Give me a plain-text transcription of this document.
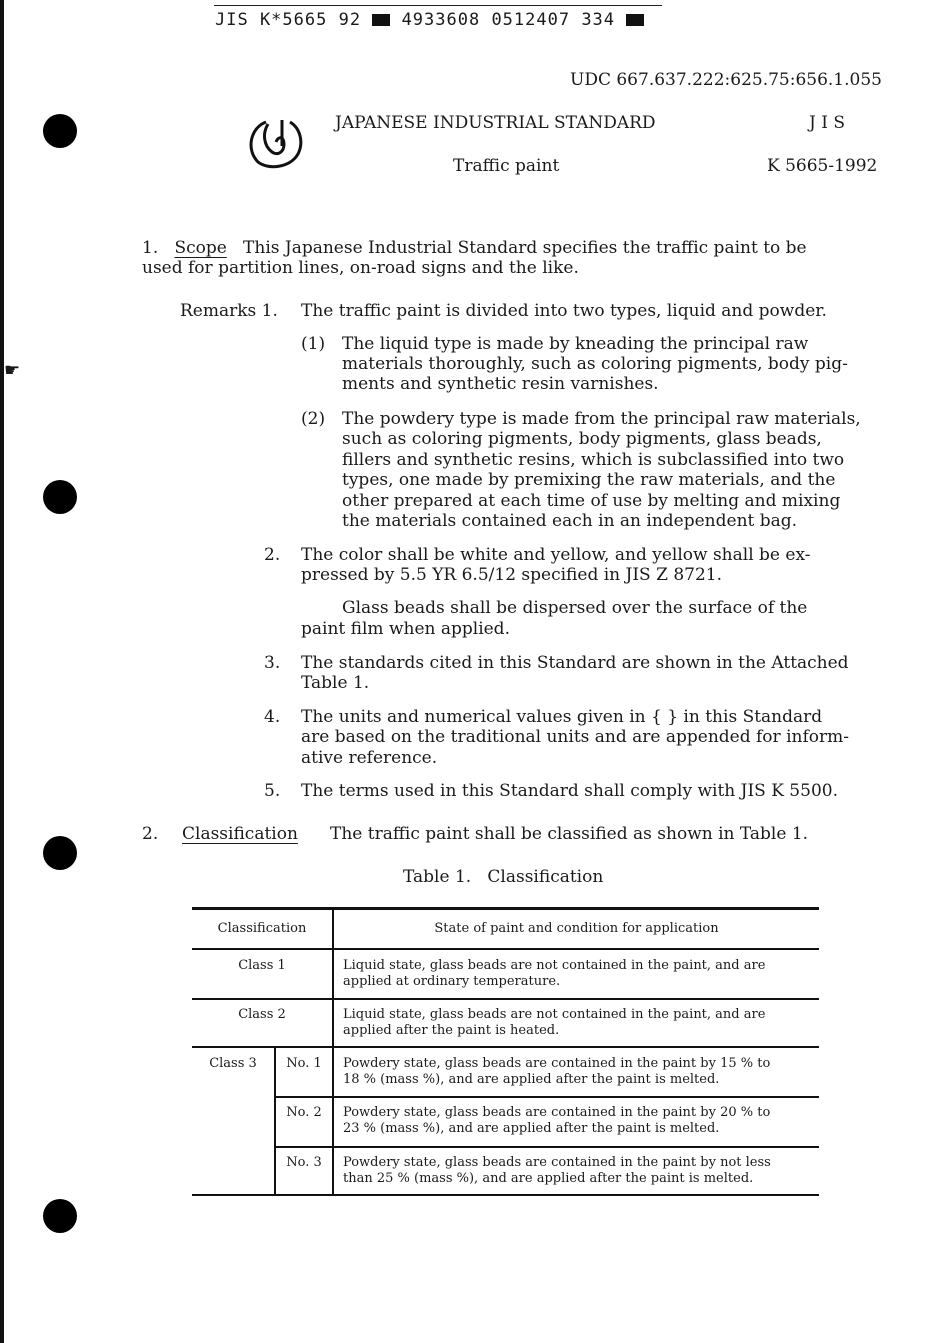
JIS K*5665 92 4933608 0512407 334
☛
UDC 667.637.222:625.75:656.1.055
JAPANESE INDUSTRIAL STANDARD	J I S
Traffic paint	K 5665-1992
1. Scope This Japanese Industrial Standard specifies the traffic paint to be
used for partition lines, on-road signs and the like.
Remarks 1. The traffic paint is divided into two types, liquid and powder.
(1) The liquid type is made by kneading the principal raw
materials thoroughly, such as coloring pigments, body pig-
ments and synthetic resin varnishes.
(2) The powdery type is made from the principal raw materials,
such as coloring pigments, body pigments, glass beads,
fillers and synthetic resins, which is subclassified into two
types, one made by premixing the raw materials, and the
other prepared at each time of use by melting and mixing
the materials contained each in an independent bag.
2. The color shall be white and yellow, and yellow shall be ex-
pressed by 5.5 YR 6.5/12 specified in JIS Z 8721.
Glass beads shall be dispersed over the surface of the
paint film when applied.
3. The standards cited in this Standard are shown in the Attached
Table 1.
4. The units and numerical values given in { } in this Standard
are based on the traditional units and are appended for inform-
ative reference.
5. The terms used in this Standard shall comply with JIS K 5500.
2. Classification The traffic paint shall be classified as shown in Table 1.
Table 1. Classification
Classification	State of paint and condition for application
Class 1	Liquid state, glass beads are not contained in the paint, and are
applied at ordinary temperature.
Class 2	Liquid state, glass beads are not contained in the paint, and are
applied after the paint is heated.
Class 3	No. 1	Powdery state, glass beads are contained in the paint by 15 % to
18 % (mass %), and are applied after the paint is melted.
No. 2	Powdery state, glass beads are contained in the paint by 20 % to
23 % (mass %), and are applied after the paint is melted.
No. 3	Powdery state, glass beads are contained in the paint by not less
than 25 % (mass %), and are applied after the paint is melted.
